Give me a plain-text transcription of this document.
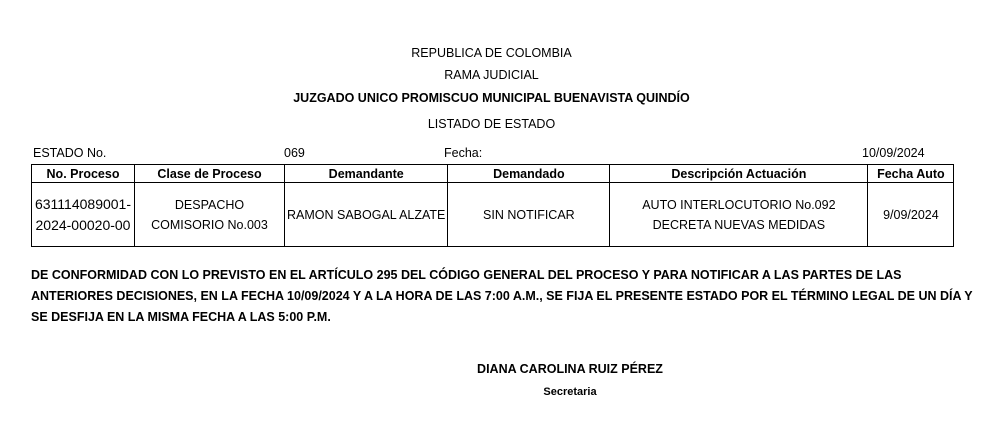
REPUBLICA DE COLOMBIA
RAMA JUDICIAL
JUZGADO UNICO PROMISCUO MUNICIPAL BUENAVISTA QUINDÍO
LISTADO DE ESTADO
ESTADO No.	069	Fecha:	10/09/2024
No. Proceso	Clase de Proceso	Demandante	Demandado	Descripción Actuación	Fecha Auto
631114089001-2024-00020-00	DESPACHO COMISORIO No.003	RAMON SABOGAL ALZATE	SIN NOTIFICAR	AUTO INTERLOCUTORIO No.092 DECRETA NUEVAS MEDIDAS	9/09/2024
DE CONFORMIDAD CON LO PREVISTO EN EL ARTÍCULO 295 DEL CÓDIGO GENERAL DEL PROCESO Y PARA NOTIFICAR A LAS PARTES DE LAS ANTERIORES DECISIONES, EN LA FECHA 10/09/2024 Y A LA HORA DE LAS 7:00 A.M., SE FIJA EL PRESENTE ESTADO POR EL TÉRMINO LEGAL DE UN DÍA Y SE DESFIJA EN LA MISMA FECHA A LAS 5:00 P.M.
DIANA CAROLINA RUIZ PÉREZ
Secretaria
